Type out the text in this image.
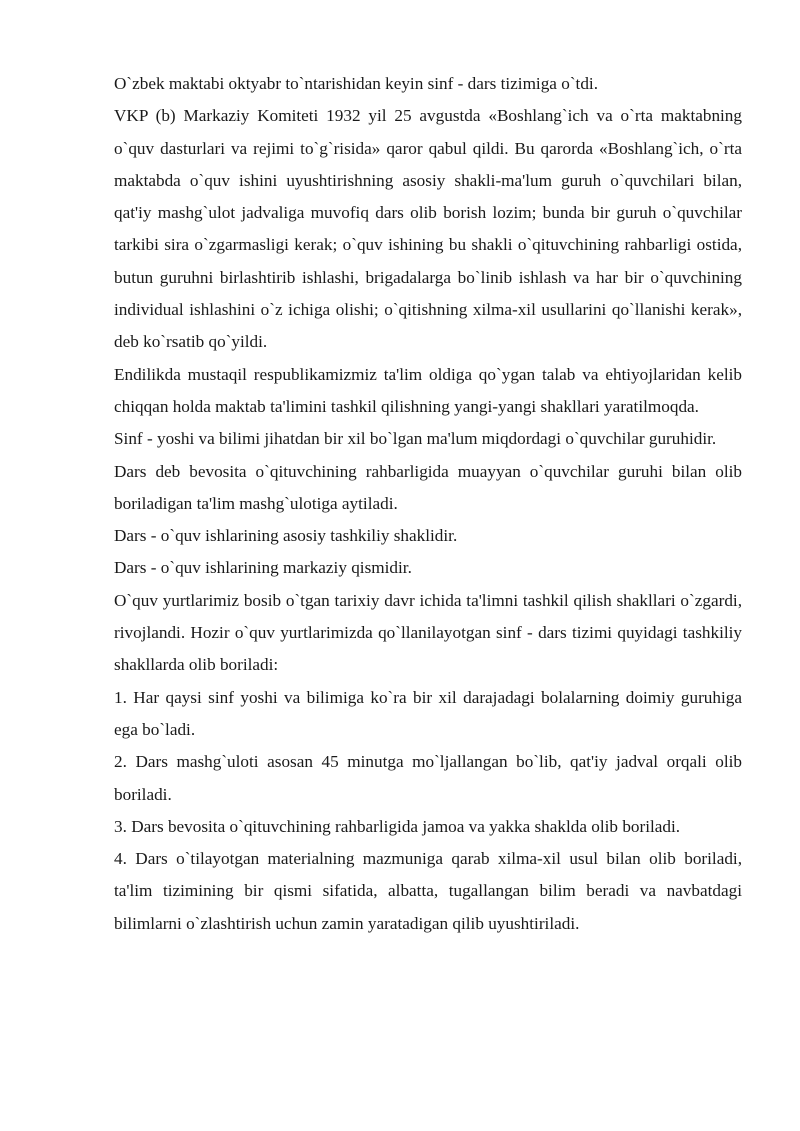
O`zbek maktabi oktyabr to`ntarishidan keyin sinf - dars tizimiga o`tdi.

VKP (b) Markaziy Komiteti 1932 yil 25 avgustda «Boshlang`ich va o`rta maktabning o`quv dasturlari va rejimi to`g`risida» qaror qabul qildi. Bu qarorda «Boshlang`ich, o`rta maktabda o`quv ishini uyushtirishning asosiy shakli-ma'lum guruh o`quvchilari bilan, qat'iy mashg`ulot jadvaliga muvofiq dars olib borish lozim; bunda bir guruh o`quvchilar tarkibi sira o`zgarmasligi kerak; o`quv ishining bu shakli o`qituvchining rahbarligi ostida, butun guruhni birlashtirib ishlashi, brigadalarga bo`linib ishlash va har bir o`quvchining individual ishlashini o`z ichiga olishi; o`qitishning xilma-xil usullarini qo`llanishi kerak», deb ko`rsatib qo`yildi.

Endilikda mustaqil respublikamizmiz ta'lim oldiga qo`ygan talab va ehtiyojlaridan kelib chiqqan holda maktab ta'limini tashkil qilishning yangi-yangi shakllari yaratilmoqda.

Sinf - yoshi va bilimi jihatdan bir xil bo`lgan ma'lum miqdordagi o`quvchilar guruhidir.

Dars deb bevosita o`qituvchining rahbarligida muayyan o`quvchilar guruhi bilan olib boriladigan ta'lim mashg`ulotiga aytiladi.

Dars - o`quv ishlarining asosiy tashkiliy shaklidir.

Dars - o`quv ishlarining markaziy qismidir.

O`quv yurtlarimiz bosib o`tgan tarixiy davr ichida ta'limni tashkil qilish shakllari o`zgardi, rivojlandi. Hozir o`quv yurtlarimizda qo`llanilayotgan sinf - dars tizimi quyidagi tashkiliy shakllarda olib boriladi:

1. Har qaysi sinf yoshi va bilimiga ko`ra bir xil darajadagi bolalarning doimiy guruhiga ega bo`ladi.

2. Dars mashg`uloti asosan 45 minutga mo`ljallangan bo`lib, qat'iy jadval orqali olib boriladi.

3. Dars bevosita o`qituvchining rahbarligida jamoa va yakka shaklda olib boriladi.

4. Dars o`tilayotgan materialning mazmuniga qarab xilma-xil usul bilan olib boriladi, ta'lim tizimining bir qismi sifatida, albatta, tugallangan bilim beradi va navbatdagi bilimlarni o`zlashtirish uchun zamin yaratadigan qilib uyushtiriladi.
